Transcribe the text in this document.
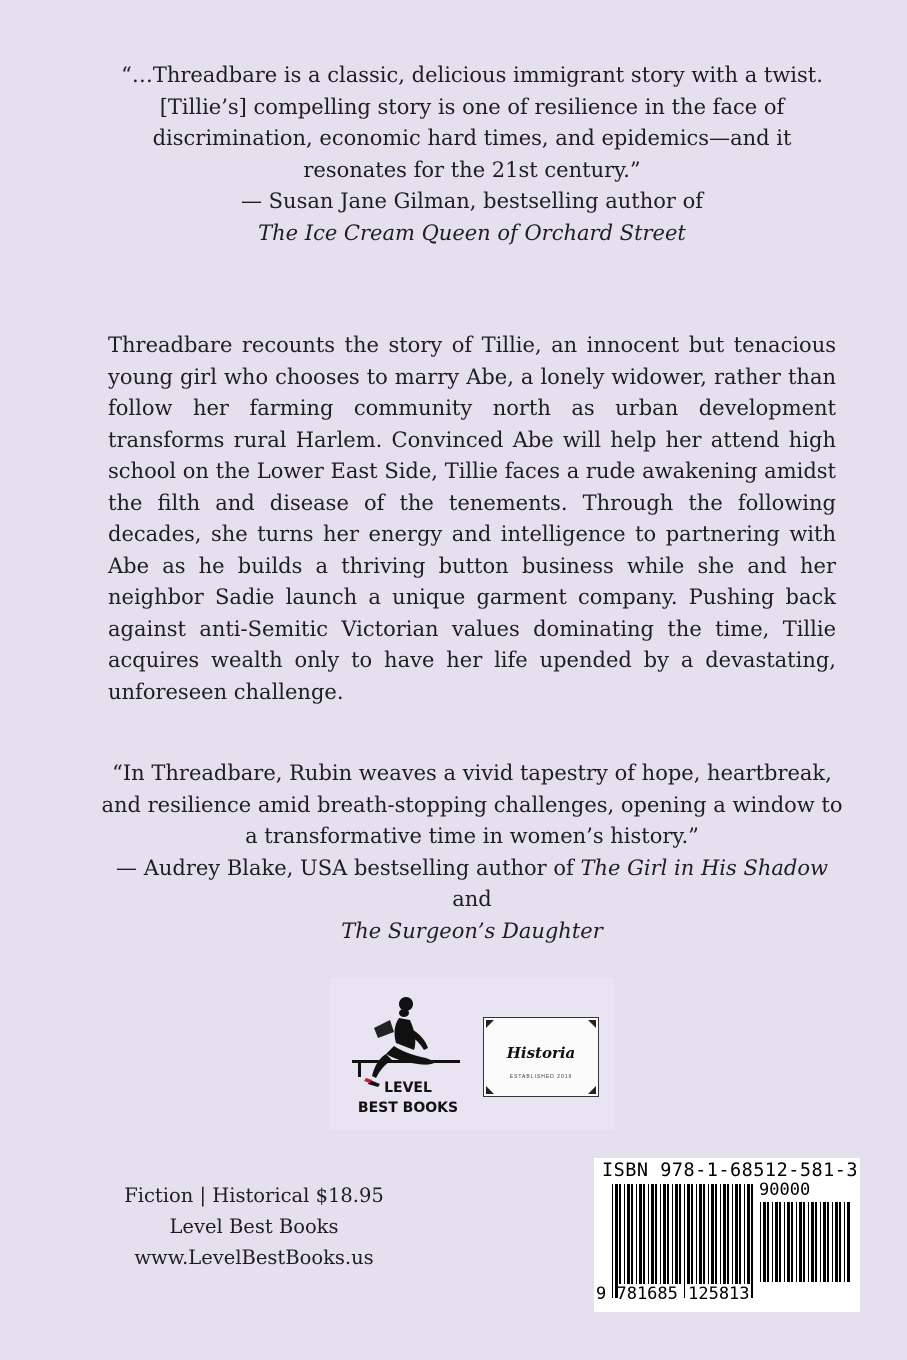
“…Threadbare is a classic, delicious immigrant story with a twist. [Tillie’s] compelling story is one of resilience in the face of discrimination, economic hard times, and epidemics—and it resonates for the 21st century.”

— Susan Jane Gilman, bestselling author of
The Ice Cream Queen of Orchard Street

Threadbare recounts the story of Tillie, an innocent but tenacious young girl who chooses to marry Abe, a lonely widower, rather than follow her farming community north as urban development transforms rural Harlem. Convinced Abe will help her attend high school on the Lower East Side, Tillie faces a rude awakening amidst the filth and disease of the tenements. Through the following decades, she turns her energy and intelligence to partnering with Abe as he builds a thriving button business while she and her neighbor Sadie launch a unique garment company. Pushing back against anti-Semitic Victorian values dominating the time, Tillie acquires wealth only to have her life upended by a devastating, unforeseen challenge.

“In Threadbare, Rubin weaves a vivid tapestry of hope, heartbreak, and resilience amid breath-stopping challenges, opening a window to a transformative time in women’s history.”

— Audrey Blake, USA bestselling author of The Girl in His Shadow and
The Surgeon’s Daughter

LEVEL
BEST BOOKS
Historia
ESTABLISHED 2019
Fiction | Historical $18.95
Level Best Books
www.LevelBestBooks.us
ISBN 978-1-68512-581-3
90000
9 781685 125813
